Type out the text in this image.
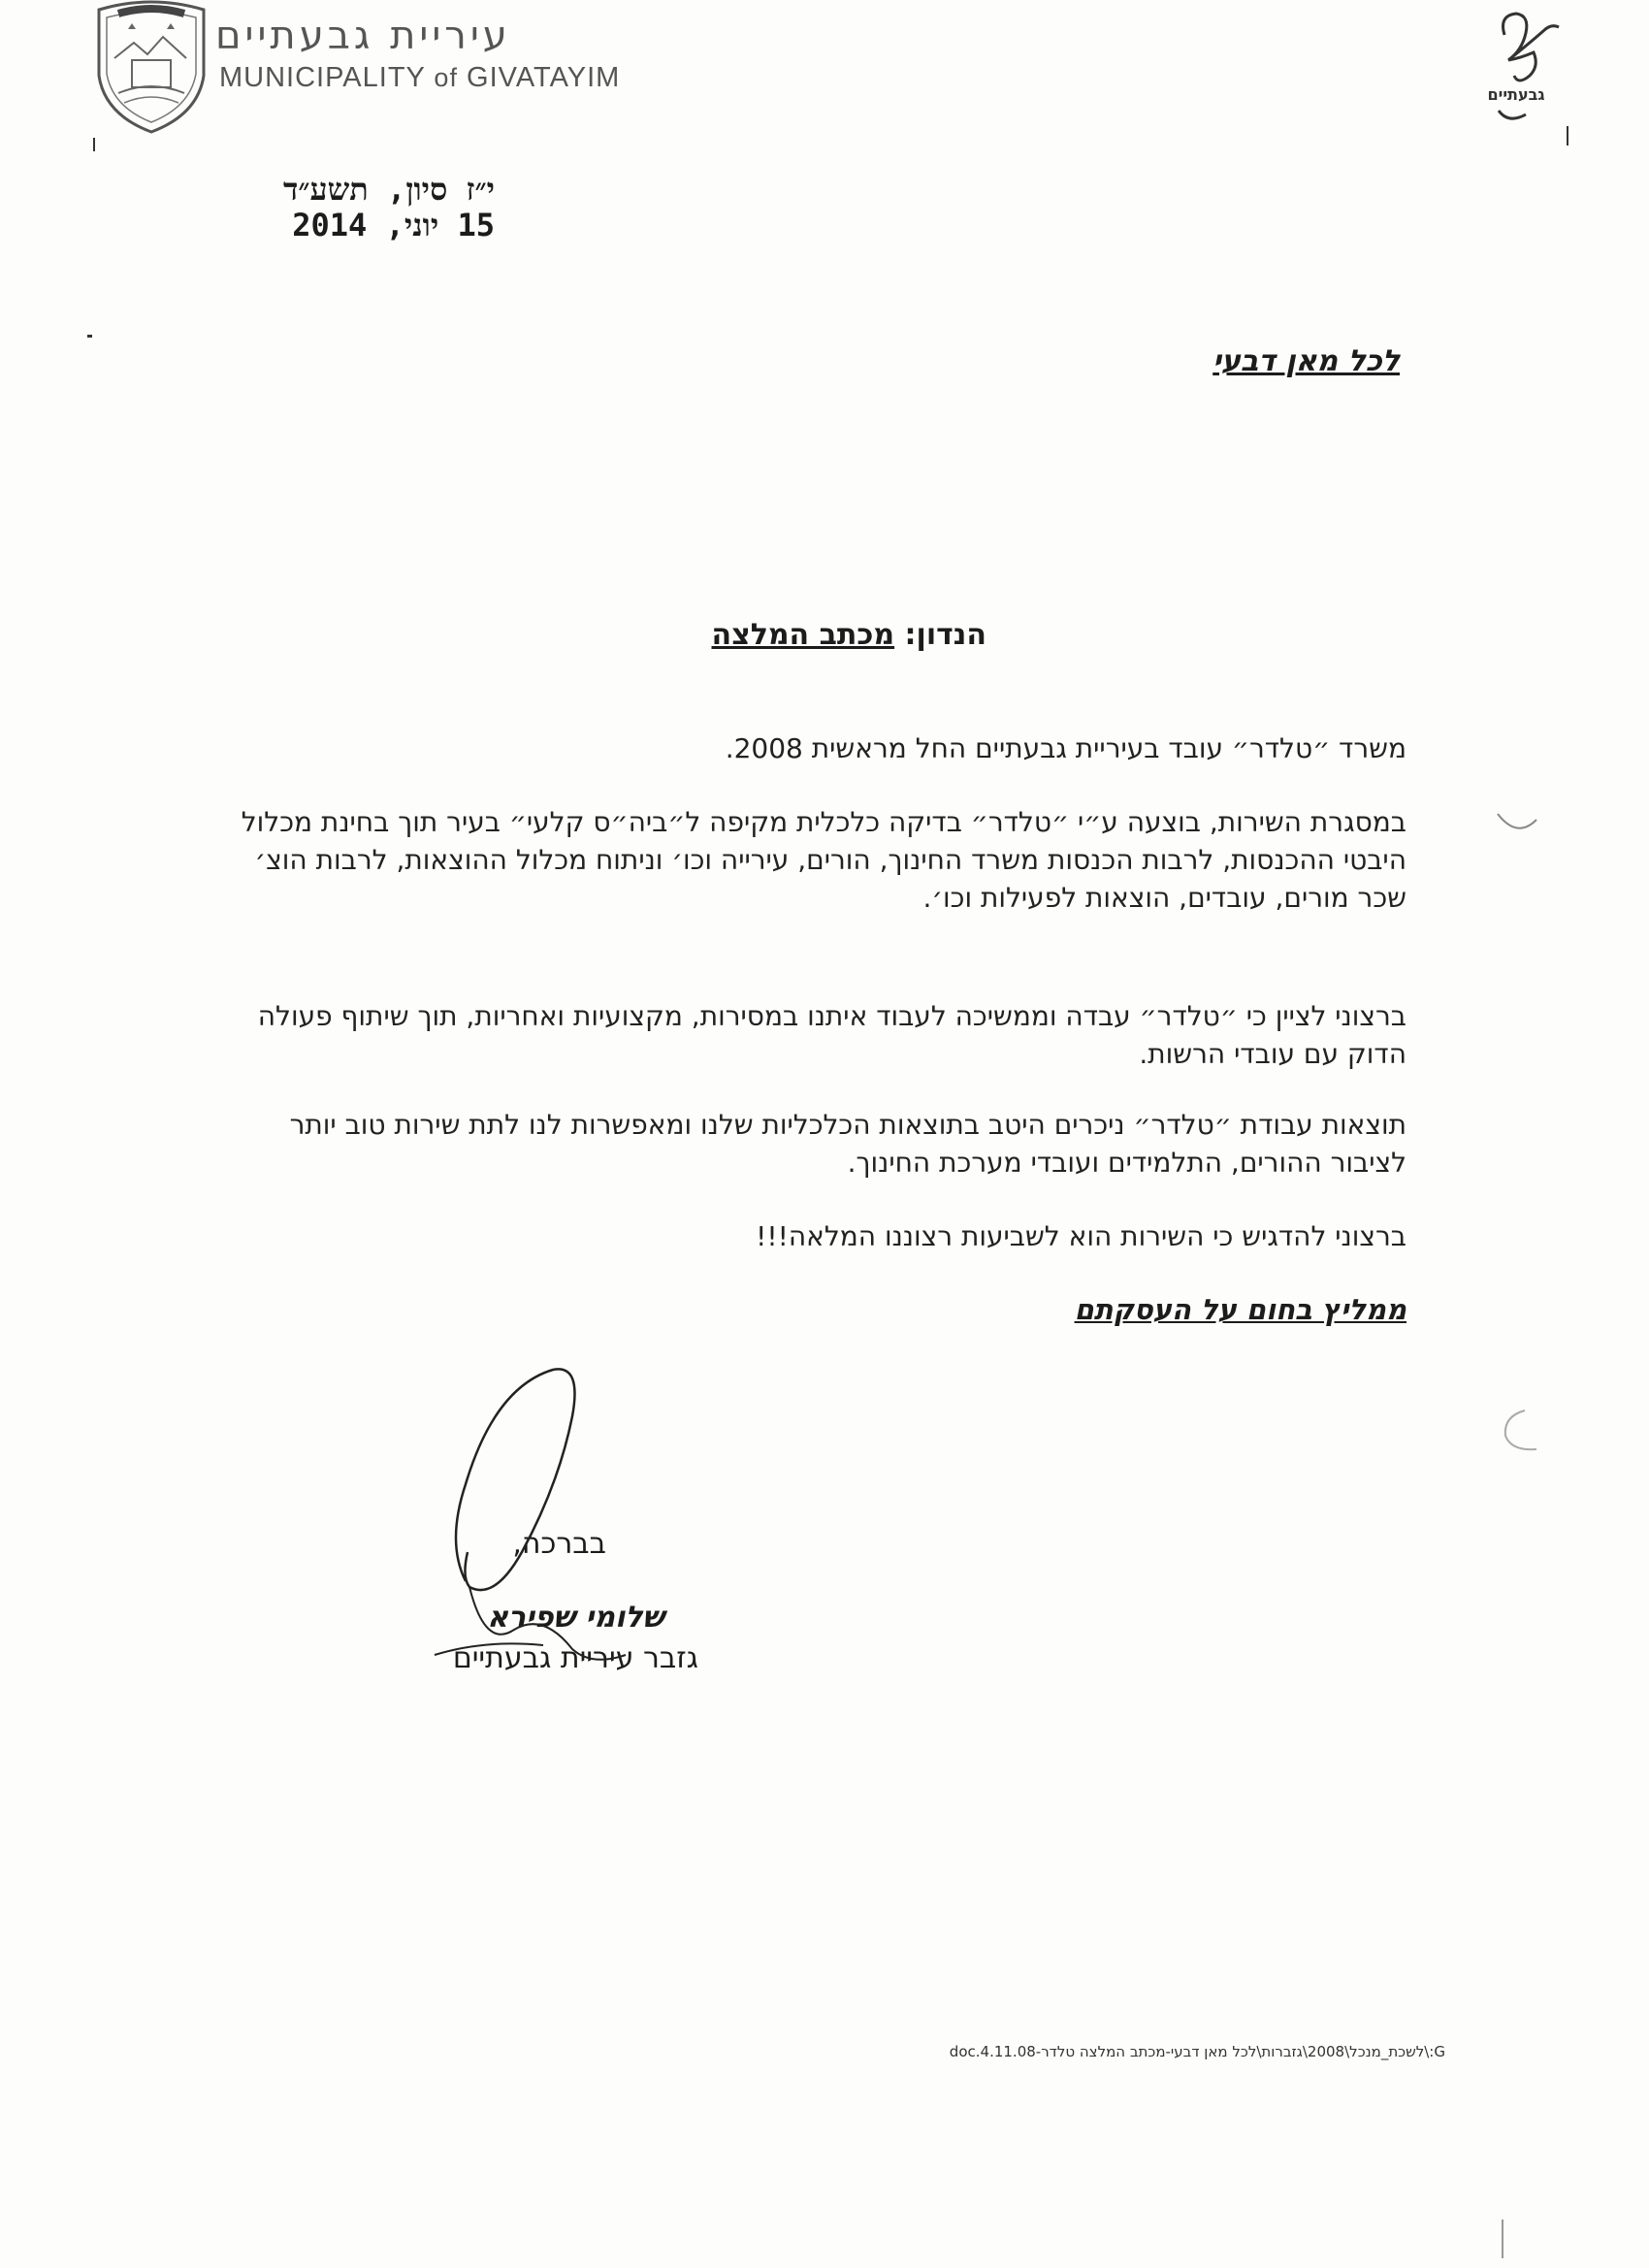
עיריית גבעתיים
MUNICIPALITY of GIVATAYIM
גבעתיים
י״ז סיון, תשע״ד
15 יוני, 2014
לכל מאן דבעי
הנדון: מכתב המלצה
משרד ״טלדר״ עובד בעיריית גבעתיים החל מראשית 2008.
במסגרת השירות, בוצעה ע״י ״טלדר״ בדיקה כלכלית מקיפה ל״ביה״ס קלעי״ בעיר תוך בחינת מכלול היבטי ההכנסות, לרבות הכנסות משרד החינוך, הורים, עירייה וכו׳ וניתוח מכלול ההוצאות, לרבות הוצ׳ שכר מורים, עובדים, הוצאות לפעילות וכו׳.
ברצוני לציין כי ״טלדר״ עבדה וממשיכה לעבוד איתנו במסירות, מקצועיות ואחריות, תוך שיתוף פעולה הדוק עם עובדי הרשות.
תוצאות עבודת ״טלדר״ ניכרים היטב בתוצאות הכלכליות שלנו ומאפשרות לנו לתת שירות טוב יותר לציבור ההורים, התלמידים ועובדי מערכת החינוך.
ברצוני להדגיש כי השירות הוא לשביעות רצוננו המלאה!!!
ממליץ בחום על העסקתם
בברכה,
שלומי שפירא
גזבר עיריית גבעתיים
G:\לשכת_מנכל\2008\גזברות\לכל מאן דבעי-מכתב המלצה טלדר-4.11.08.doc
